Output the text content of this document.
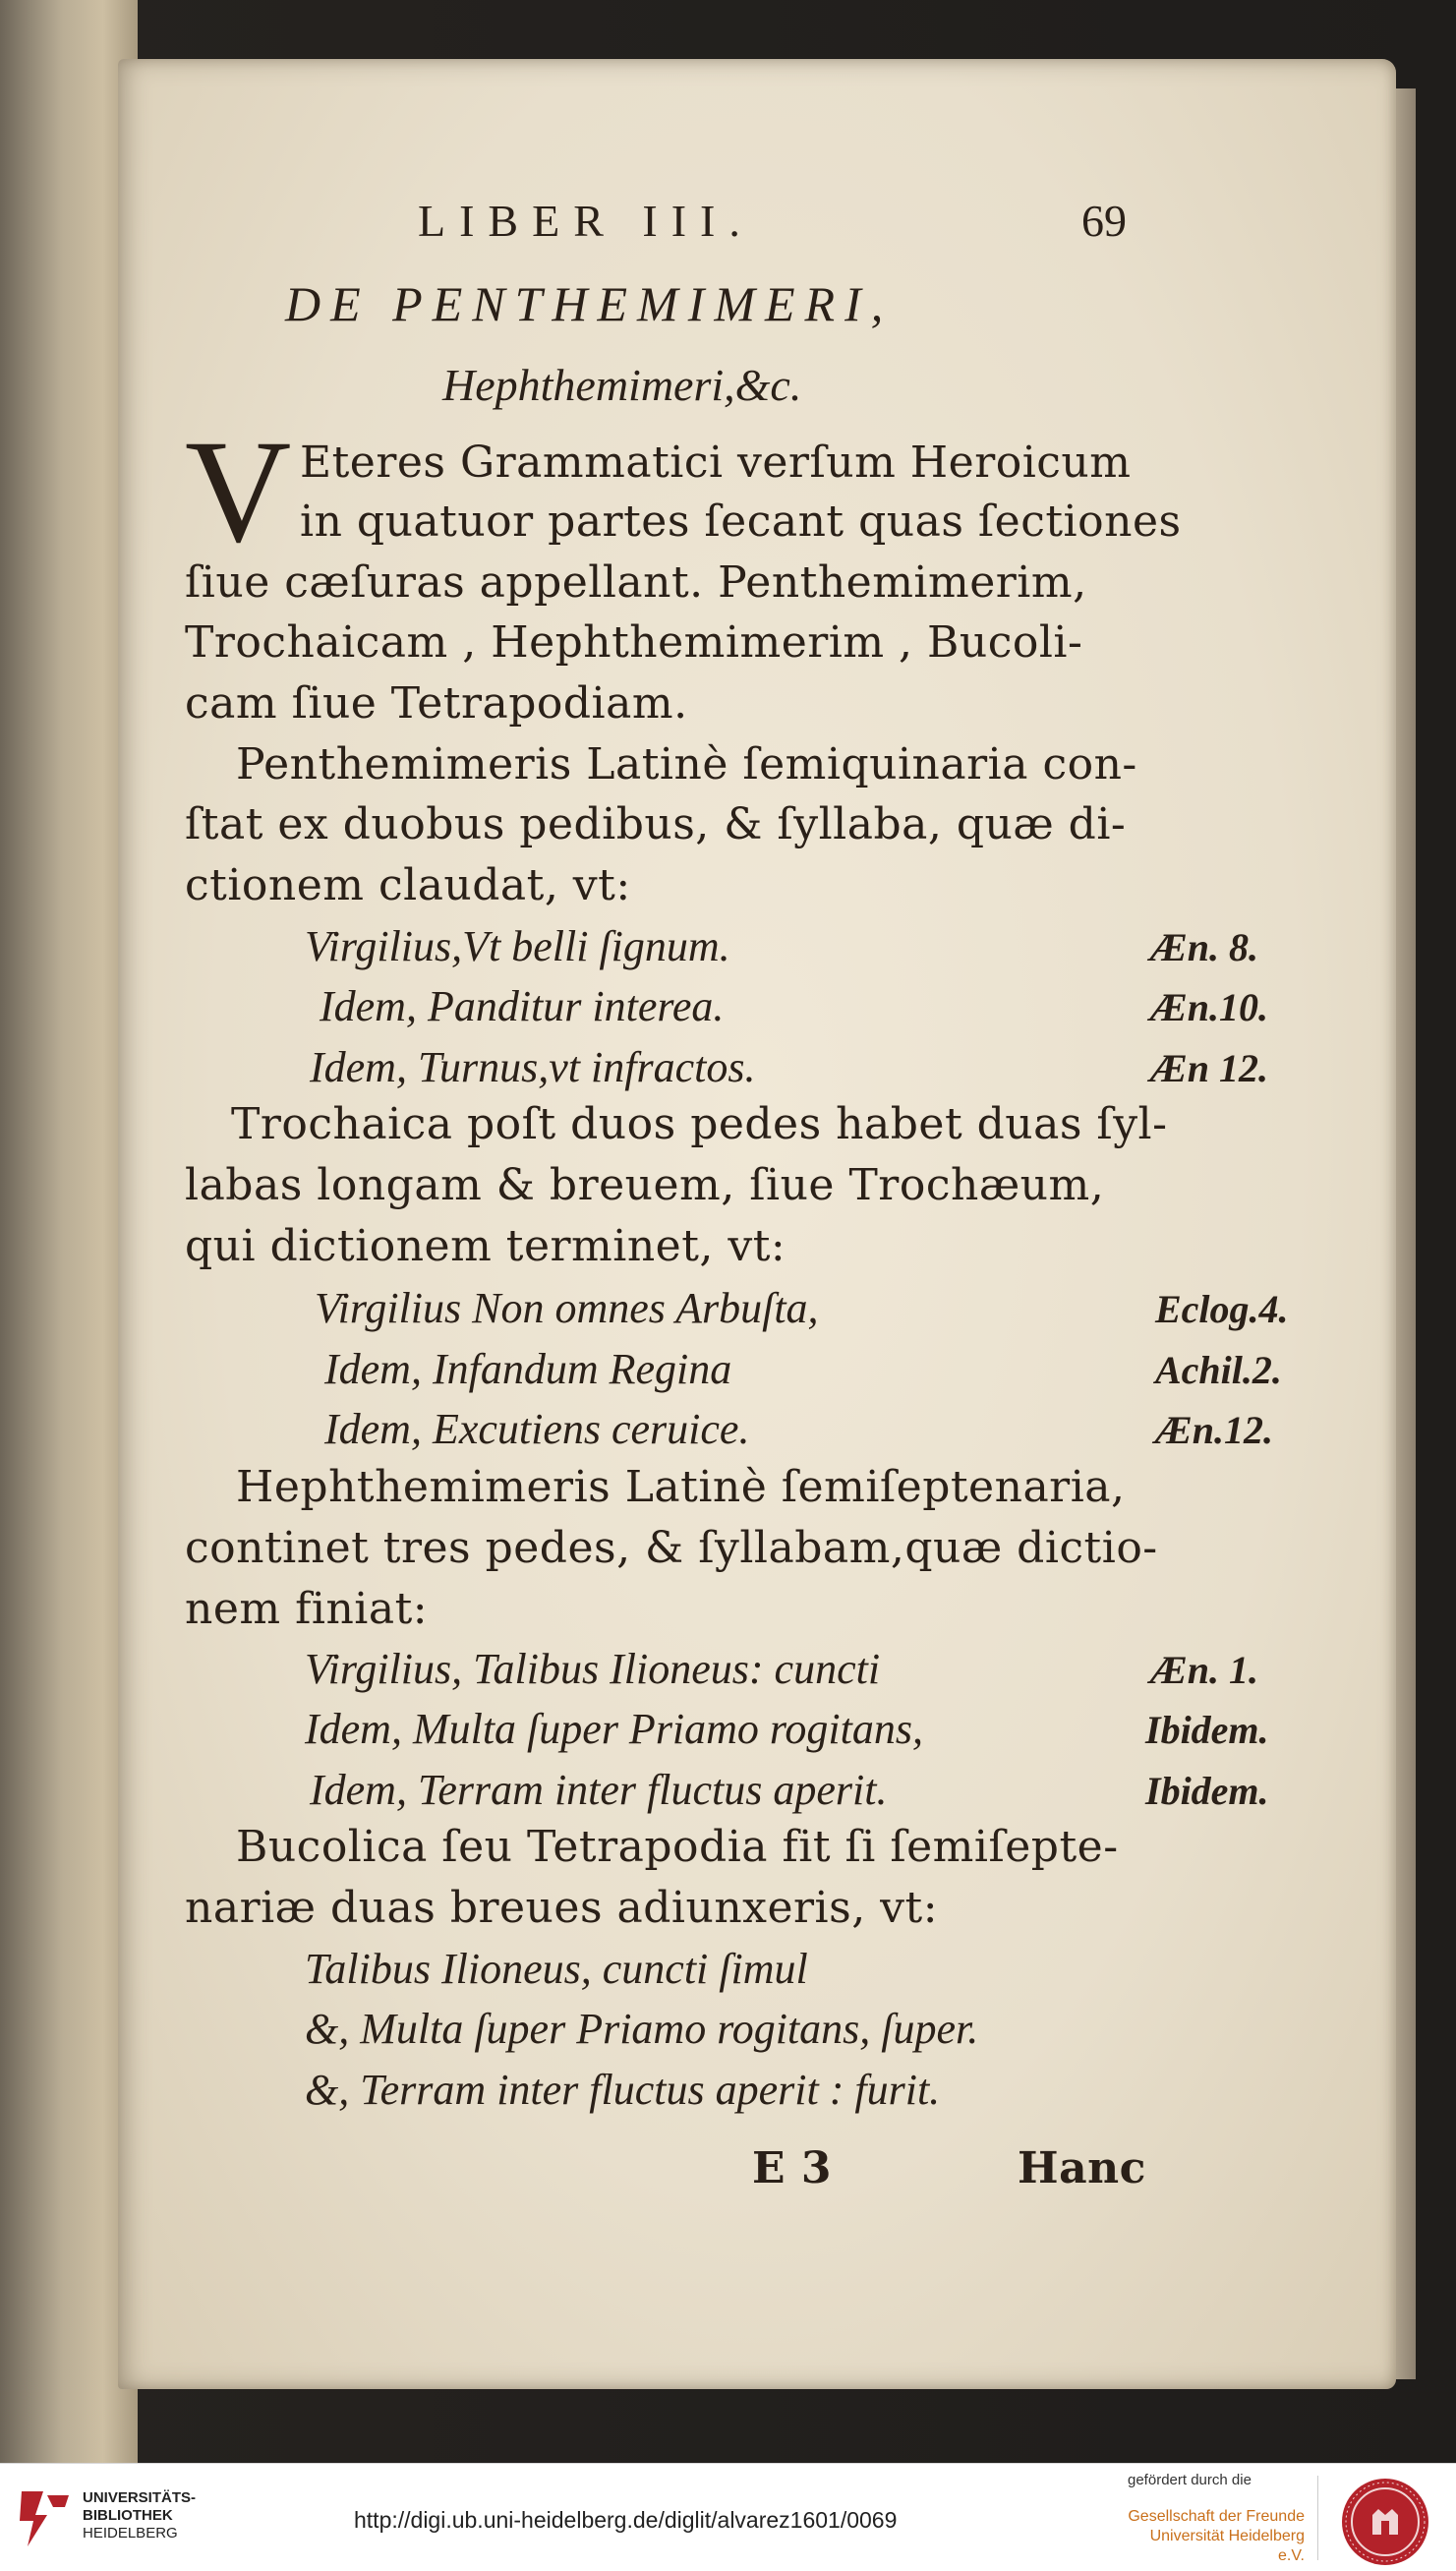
LIBER III.	69
DE PENTHEMIMERI,
Hephthemimeri,&c.
V Eteres Grammatici verſum Heroicum
in quatuor partes ſecant quas ſectiones
ſiue cæſuras appellant. Penthemimerim,
Trochaicam , Hephthemimerim , Bucoli-
cam ſiue Tetrapodiam.
Penthemimeris Latinè ſemiquinaria con-
ſtat ex duobus pedibus, & ſyllaba, quæ di-
ctionem claudat, vt:
Virgilius,Vt belli ſignum.	Æn. 8.
Idem, Panditur interea.	Æn.10.
Idem, Turnus,vt infractos.	Æn 12.
Trochaica poſt duos pedes habet duas ſyl-
labas longam & breuem, ſiue Trochæum,
qui dictionem terminet, vt:
Virgilius Non omnes Arbuſta,	Eclog.4.
Idem, Infandum Regina	Achil.2.
Idem, Excutiens ceruice.	Æn.12.
Hephthemimeris Latinè ſemiſeptenaria,
continet tres pedes, & ſyllabam,quæ dictio-
nem finiat:
Virgilius, Talibus Ilioneus: cuncti	Æn. 1.
Idem, Multa ſuper Priamo rogitans,	Ibidem.
Idem, Terram inter fluctus aperit.	Ibidem.
Bucolica ſeu Tetrapodia fit ſi ſemiſepte-
nariæ duas breues adiunxeris, vt:
Talibus Ilioneus, cuncti ſimul
&, Multa ſuper Priamo rogitans, ſuper.
&, Terram inter fluctus aperit : furit.
E 3	Hanc
UNIVERSITÄTS-
BIBLIOTHEK
HEIDELBERG
http://digi.ub.uni-heidelberg.de/diglit/alvarez1601/0069
gefördert durch die
Gesellschaft der Freunde
Universität Heidelberg e.V.
